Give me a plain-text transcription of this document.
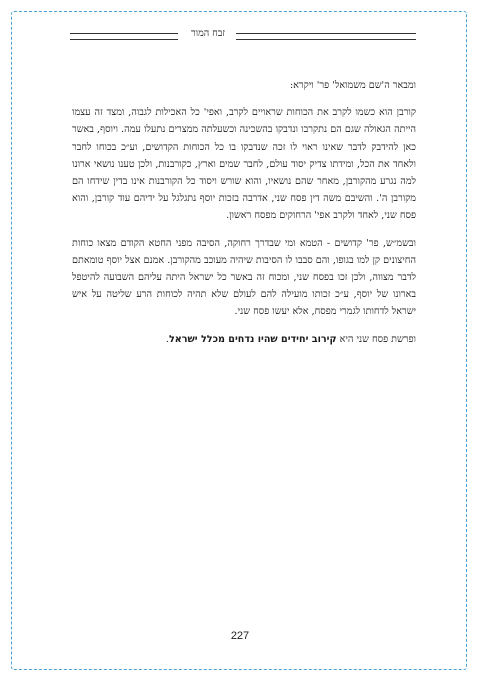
זבח המור

ומבאר ה'שם משמואל' פר' ויקרא:

קורבן הוא כשמו לקרב את הכוחות שראויים לקרב, ואפי' כל האכילות לגבוה, ומצד זה עצמו הייתה הגאולה שגם הם נתקרבו ונדבקו בהשכינה וכשעלתה ממצרים נתעלו עמה. ויוסף, באשר כאן להידבק לדבר שאינו ראוי לו זכה שנדבקו בו כל הכוחות הקדושים, וע״כ בכוחו לחבר ולאחד את הכל, ומידתו צדיק יסוד עולם, לחבר שמים וארץ, כקורבנות, ולכן טענו נושאי ארונו למה נגרע מהקורבן, מאחר שהם נושאיו, והוא שורש ויסוד כל הקורבנות אינו בדין שידחו הם מקורבן ה'. והשיבם משה דין פסח שני, אדרבה בזכות יוסף נתגלגל על ידיהם עוד קורבן, והוא פסח שני, לאחד ולקרב אפי' הרחוקים מפסח ראשון.

ובשמ״ש, פר' קדושים - הטמא ומי שבדרך רחוקה, הסיבה מפני החטא הקודם מצאו כוחות החיצונים קן למו בגופו, והם סבבו לו הסיבות שיהיה מעוכב מהקורבן. אמנם אצל יוסף טומאתם לדבר מצווה, ולכן זכו בפסח שני, ומכוח זה באשר כל ישראל היתה עליהם השבועה להיטפל בארונו של יוסף, ע״כ זכותו מועילה להם לעולם שלא תהיה לכוחות הרע שליטה על איש ישראל לדחותו לגמרי מפסח, אלא יעשו פסח שני.

ופרשת פסח שני היא קירוב יחידים שהיו נדחים מכלל ישראל.

227
